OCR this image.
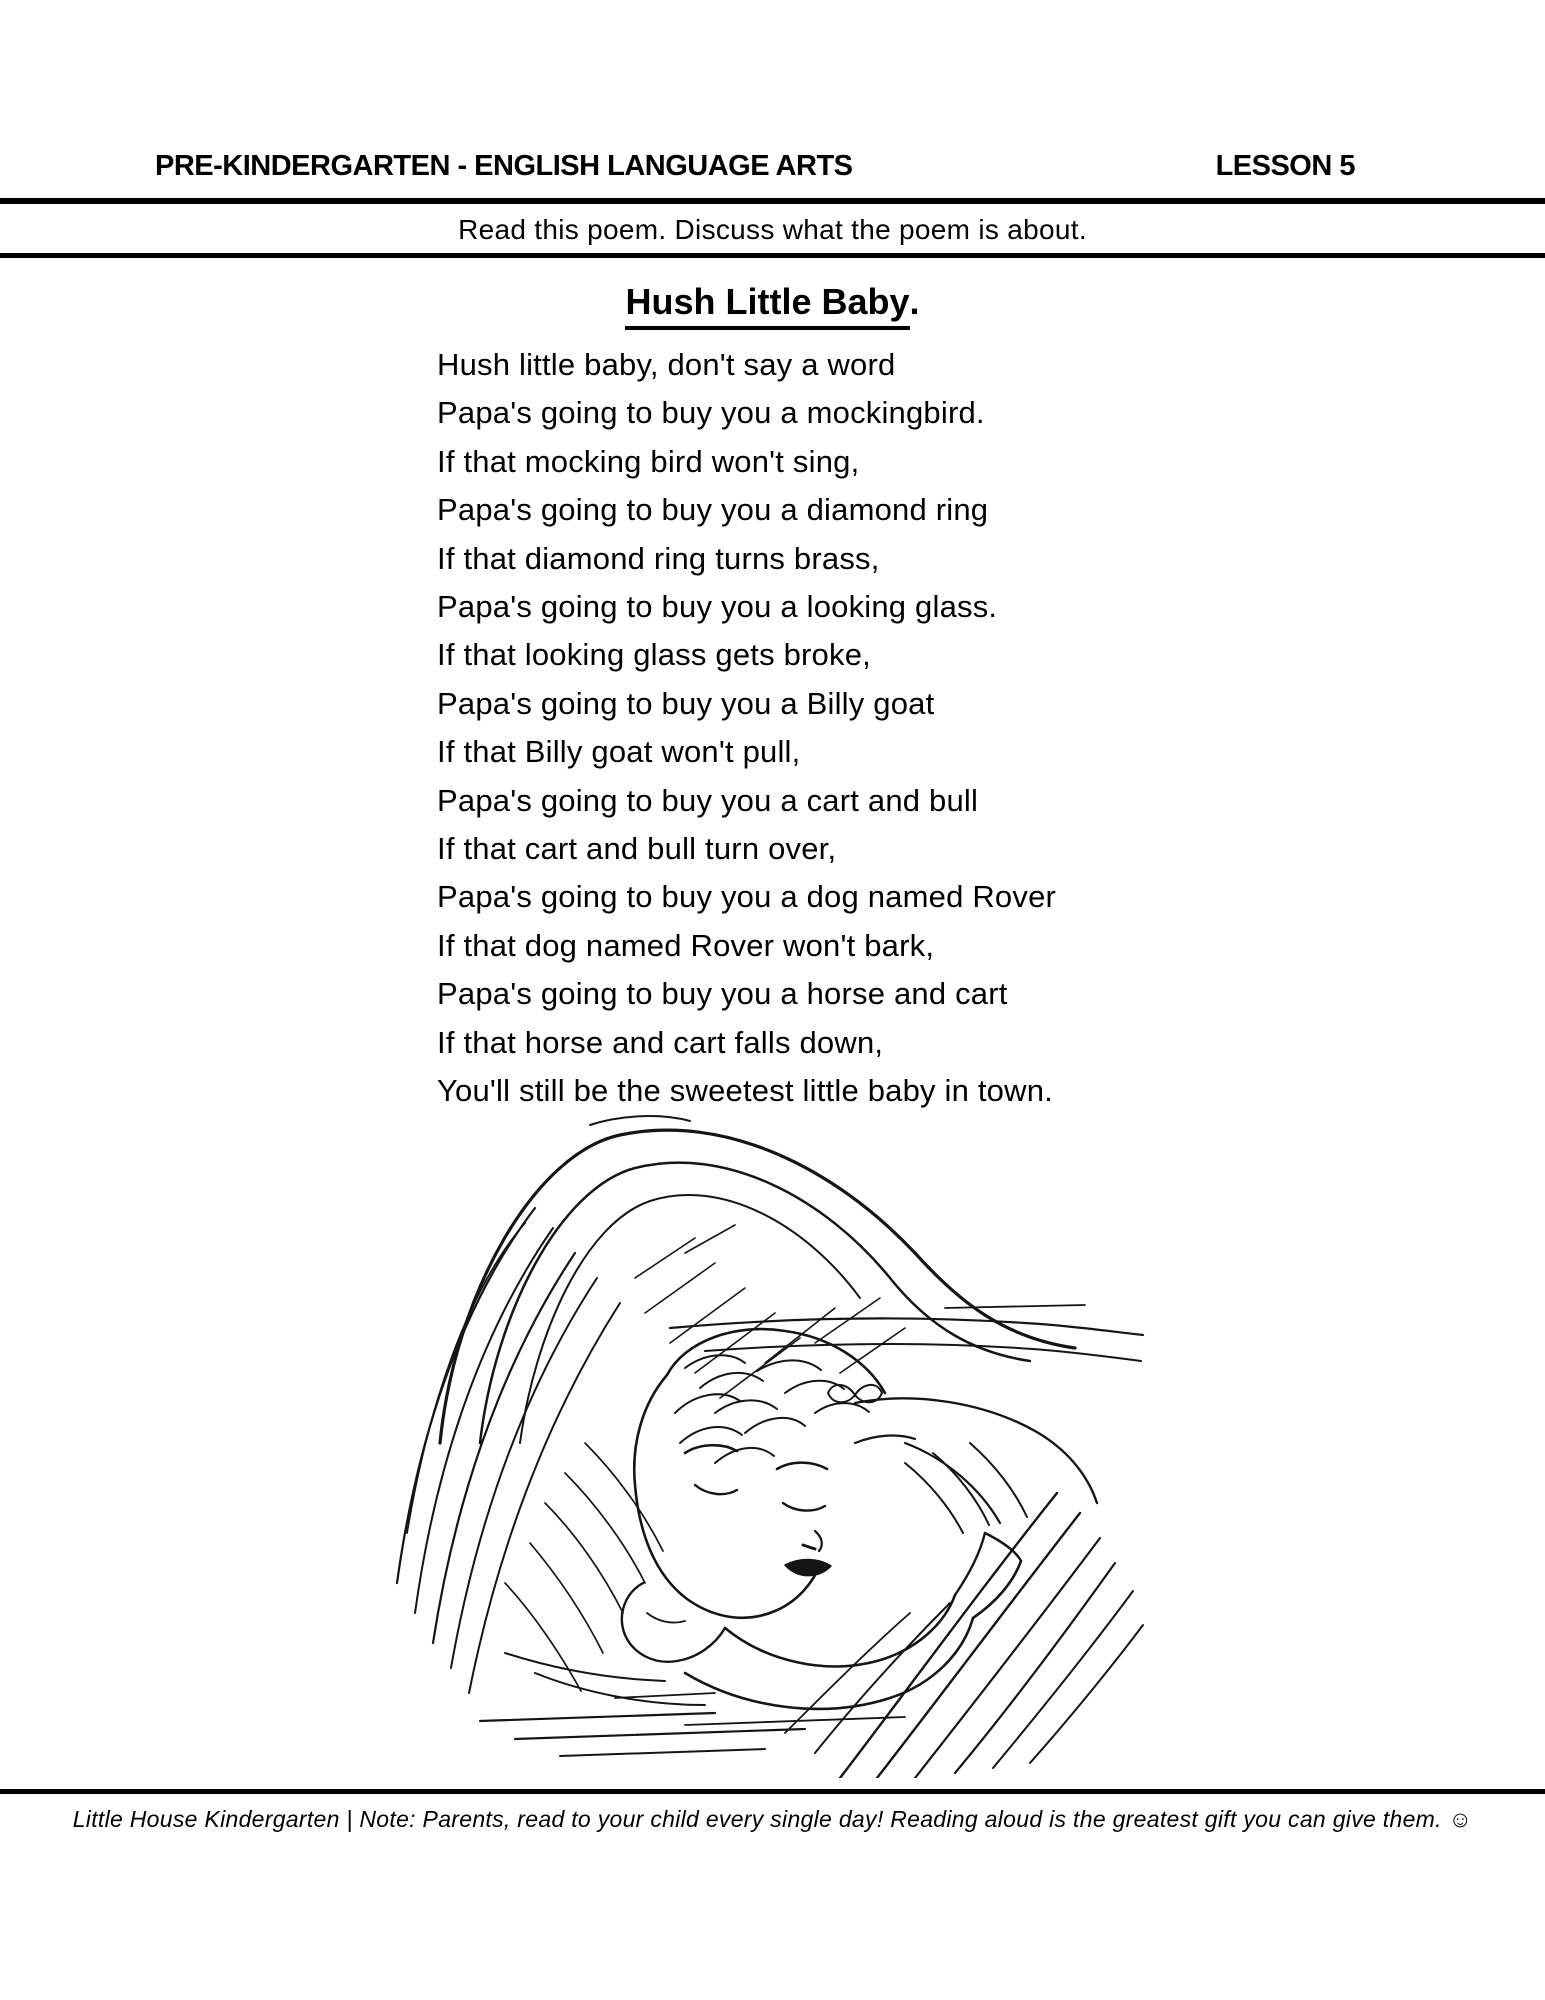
PRE-KINDERGARTEN - ENGLISH LANGUAGE ARTS	LESSON 5
Read this poem. Discuss what the poem is about.
Hush Little Baby.
Hush little baby, don't say a word
Papa's going to buy you a mockingbird.
If that mocking bird won't sing,
Papa's going to buy you a diamond ring
If that diamond ring turns brass,
Papa's going to buy you a looking glass.
If that looking glass gets broke,
Papa's going to buy you a Billy goat
If that Billy goat won't pull,
Papa's going to buy you a cart and bull
If that cart and bull turn over,
Papa's going to buy you a dog named Rover
If that dog named Rover won't bark,
Papa's going to buy you a horse and cart
If that horse and cart falls down,
You'll still be the sweetest little baby in town.
Little House Kindergarten | Note: Parents, read to your child every single day! Reading aloud is the greatest gift you can give them. ☺
